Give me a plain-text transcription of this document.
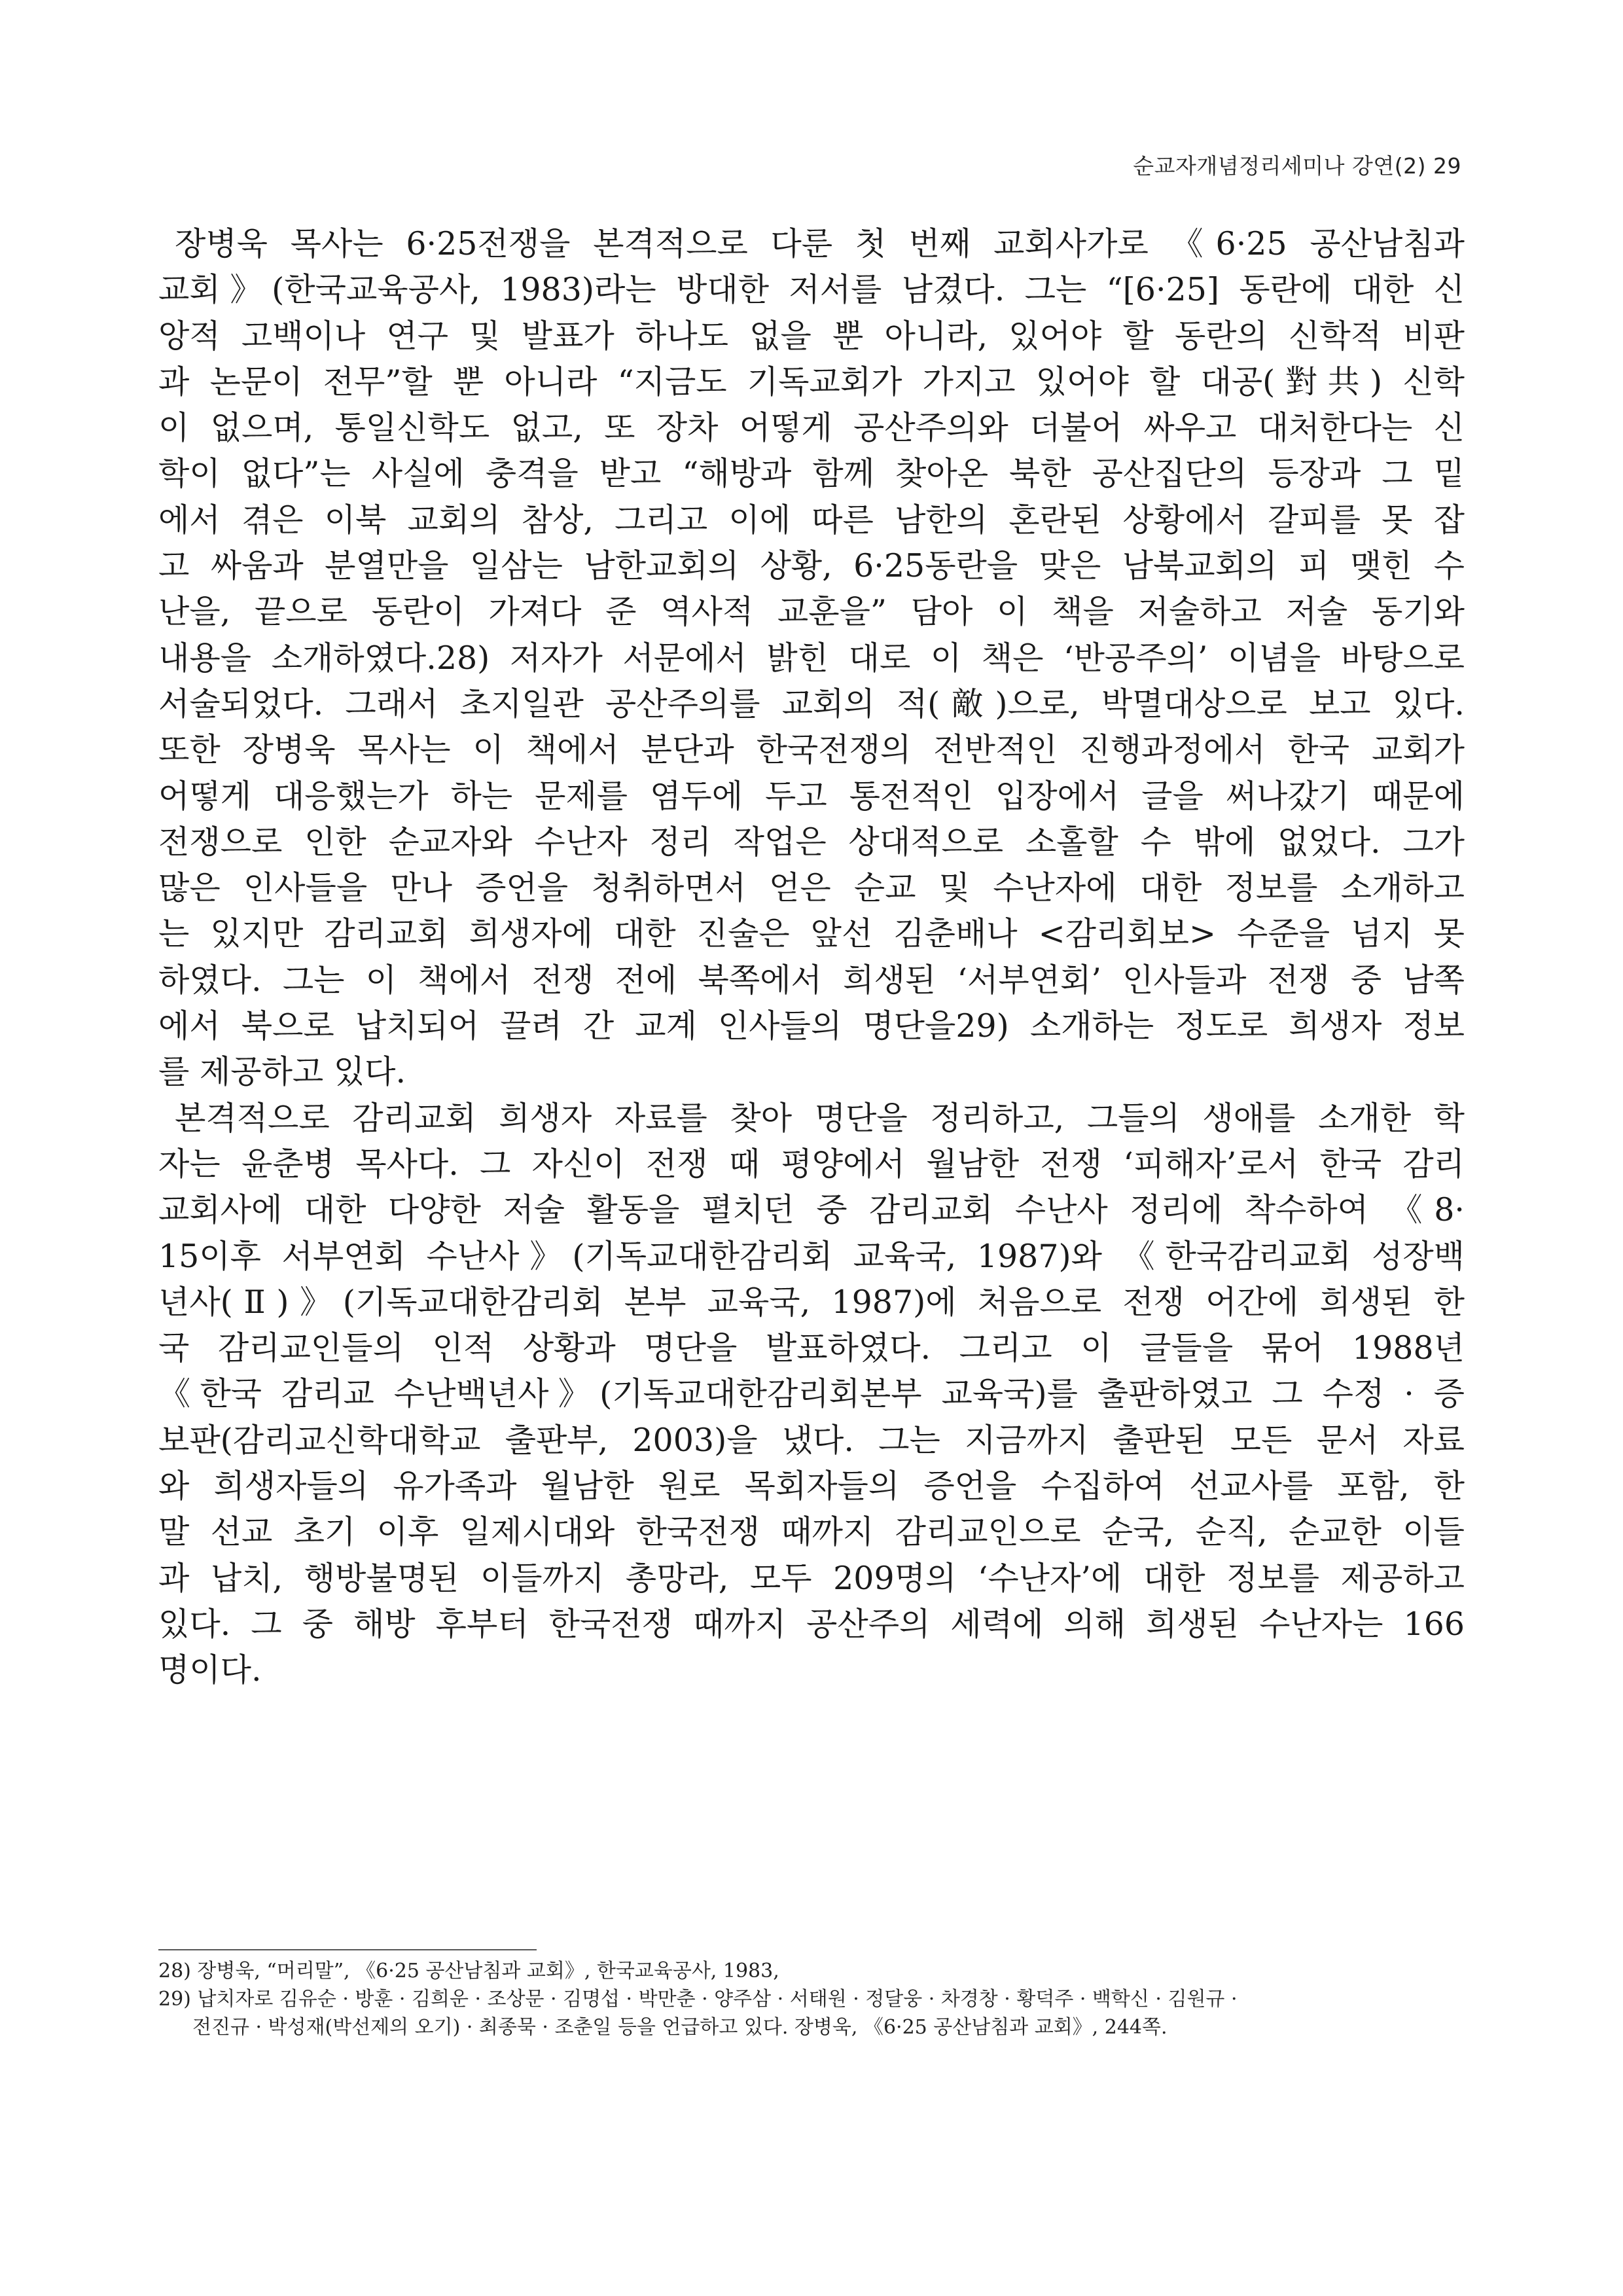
순교자개념정리세미나 강연(2) 29
장병욱 목사는 6·25전쟁을 본격적으로 다룬 첫 번째 교회사가로 《6·25 공산남침과
교회》(한국교육공사, 1983)라는 방대한 저서를 남겼다. 그는 “[6·25] 동란에 대한 신
앙적 고백이나 연구 및 발표가 하나도 없을 뿐 아니라, 있어야 할 동란의 신학적 비판
과 논문이 전무”할 뿐 아니라 “지금도 기독교회가 가지고 있어야 할 대공(對共) 신학
이 없으며, 통일신학도 없고, 또 장차 어떻게 공산주의와 더불어 싸우고 대처한다는 신
학이 없다”는 사실에 충격을 받고 “해방과 함께 찾아온 북한 공산집단의 등장과 그 밑
에서 겪은 이북 교회의 참상, 그리고 이에 따른 남한의 혼란된 상황에서 갈피를 못 잡
고 싸움과 분열만을 일삼는 남한교회의 상황, 6·25동란을 맞은 남북교회의 피 맺힌 수
난을, 끝으로 동란이 가져다 준 역사적 교훈을” 담아 이 책을 저술하고 저술 동기와
내용을 소개하였다.28) 저자가 서문에서 밝힌 대로 이 책은 ‘반공주의’ 이념을 바탕으로
서술되었다. 그래서 초지일관 공산주의를 교회의 적(敵)으로, 박멸대상으로 보고 있다.
또한 장병욱 목사는 이 책에서 분단과 한국전쟁의 전반적인 진행과정에서 한국 교회가
어떻게 대응했는가 하는 문제를 염두에 두고 통전적인 입장에서 글을 써나갔기 때문에
전쟁으로 인한 순교자와 수난자 정리 작업은 상대적으로 소홀할 수 밖에 없었다. 그가
많은 인사들을 만나 증언을 청취하면서 얻은 순교 및 수난자에 대한 정보를 소개하고
는 있지만 감리교회 희생자에 대한 진술은 앞선 김춘배나 <감리회보> 수준을 넘지 못
하였다. 그는 이 책에서 전쟁 전에 북쪽에서 희생된 ‘서부연회’ 인사들과 전쟁 중 남쪽
에서 북으로 납치되어 끌려 간 교계 인사들의 명단을29) 소개하는 정도로 희생자 정보
를 제공하고 있다.
본격적으로 감리교회 희생자 자료를 찾아 명단을 정리하고, 그들의 생애를 소개한 학
자는 윤춘병 목사다. 그 자신이 전쟁 때 평양에서 월남한 전쟁 ‘피해자’로서 한국 감리
교회사에 대한 다양한 저술 활동을 펼치던 중 감리교회 수난사 정리에 착수하여 《8·
15이후 서부연회 수난사》(기독교대한감리회 교육국, 1987)와 《한국감리교회 성장백
년사(Ⅱ)》(기독교대한감리회 본부 교육국, 1987)에 처음으로 전쟁 어간에 희생된 한
국 감리교인들의 인적 상황과 명단을 발표하였다. 그리고 이 글들을 묶어 1988년
《한국 감리교 수난백년사》(기독교대한감리회본부 교육국)를 출판하였고 그 수정 · 증
보판(감리교신학대학교 출판부, 2003)을 냈다. 그는 지금까지 출판된 모든 문서 자료
와 희생자들의 유가족과 월남한 원로 목회자들의 증언을 수집하여 선교사를 포함, 한
말 선교 초기 이후 일제시대와 한국전쟁 때까지 감리교인으로 순국, 순직, 순교한 이들
과 납치, 행방불명된 이들까지 총망라, 모두 209명의 ‘수난자’에 대한 정보를 제공하고
있다. 그 중 해방 후부터 한국전쟁 때까지 공산주의 세력에 의해 희생된 수난자는 166
명이다.
28) 장병욱, “머리말”, 《6·25 공산남침과 교회》, 한국교육공사, 1983,
29) 납치자로 김유순 · 방훈 · 김희운 · 조상문 · 김명섭 · 박만춘 · 양주삼 · 서태원 · 정달웅 · 차경창 · 황덕주 · 백학신 · 김원규 ·
전진규 · 박성재(박선제의 오기) · 최종묵 · 조춘일 등을 언급하고 있다. 장병욱, 《6·25 공산남침과 교회》, 244쪽.
